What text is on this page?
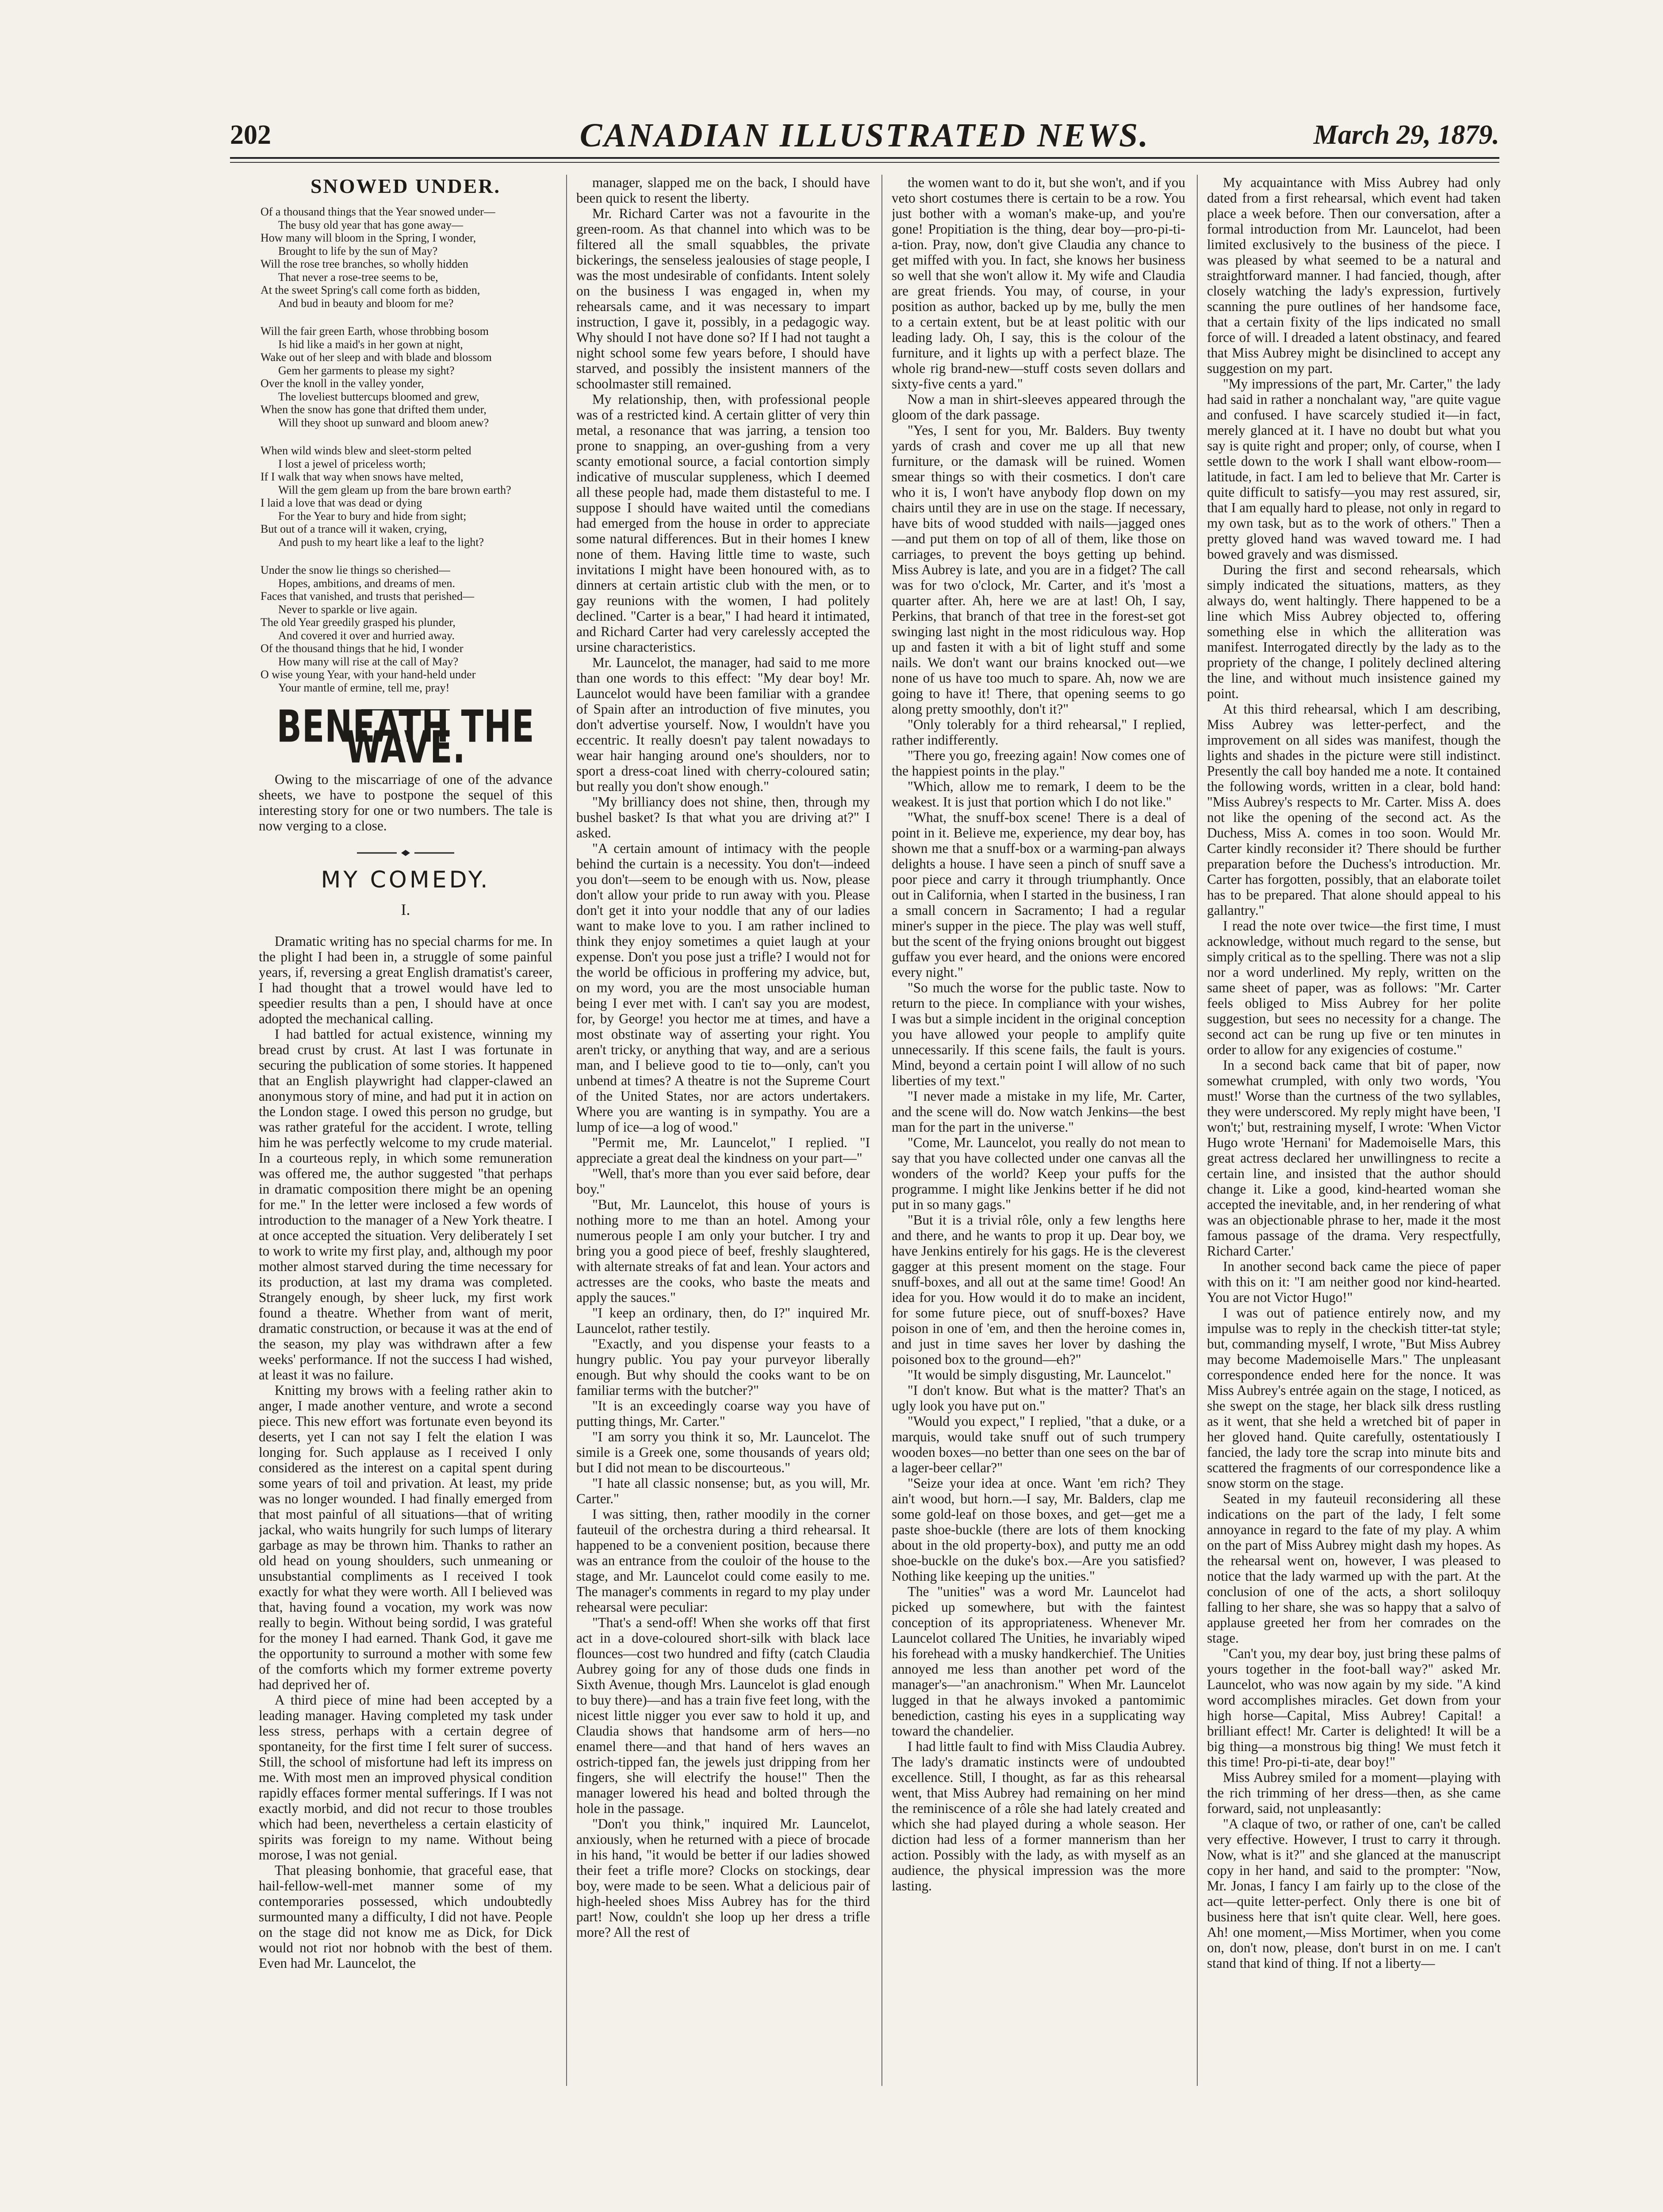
202	CANADIAN ILLUSTRATED NEWS.	March 29, 1879.
SNOWED UNDER.
Of a thousand things that the Year snowed under—
The busy old year that has gone away—
How many will bloom in the Spring, I wonder,
Brought to life by the sun of May?
Will the rose tree branches, so wholly hidden
That never a rose-tree seems to be,
At the sweet Spring's call come forth as bidden,
And bud in beauty and bloom for me?
Will the fair green Earth, whose throbbing bosom
Is hid like a maid's in her gown at night,
Wake out of her sleep and with blade and blossom
Gem her garments to please my sight?
Over the knoll in the valley yonder,
The loveliest buttercups bloomed and grew,
When the snow has gone that drifted them under,
Will they shoot up sunward and bloom anew?
When wild winds blew and sleet-storm pelted
I lost a jewel of priceless worth;
If I walk that way when snows have melted,
Will the gem gleam up from the bare brown earth?
I laid a love that was dead or dying
For the Year to bury and hide from sight;
But out of a trance will it waken, crying,
And push to my heart like a leaf to the light?
Under the snow lie things so cherished—
Hopes, ambitions, and dreams of men.
Faces that vanished, and trusts that perished—
Never to sparkle or live again.
The old Year greedily grasped his plunder,
And covered it over and hurried away.
Of the thousand things that he hid, I wonder
How many will rise at the call of May?
O wise young Year, with your hand-held under
Your mantle of ermine, tell me, pray!
BENEATH THE WAVE.

Owing to the miscarriage of one of the advance sheets, we have to postpone the sequel of this interesting story for one or two numbers. The tale is now verging to a close.

MY COMEDY.
I.

Dramatic writing has no special charms for me. In the plight I had been in, a struggle of some painful years, if, reversing a great English dramatist's career, I had thought that a trowel would have led to speedier results than a pen, I should have at once adopted the mechanical calling.

I had battled for actual existence, winning my bread crust by crust. At last I was fortunate in securing the publication of some stories. It happened that an English playwright had clapper-clawed an anonymous story of mine, and had put it in action on the London stage. I owed this person no grudge, but was rather grateful for the accident. I wrote, telling him he was perfectly welcome to my crude material. In a courteous reply, in which some remuneration was offered me, the author suggested "that perhaps in dramatic composition there might be an opening for me." In the letter were inclosed a few words of introduction to the manager of a New York theatre. I at once accepted the situation. Very deliberately I set to work to write my first play, and, although my poor mother almost starved during the time necessary for its production, at last my drama was completed. Strangely enough, by sheer luck, my first work found a theatre. Whether from want of merit, dramatic construction, or because it was at the end of the season, my play was withdrawn after a few weeks' performance. If not the success I had wished, at least it was no failure.

Knitting my brows with a feeling rather akin to anger, I made another venture, and wrote a second piece. This new effort was fortunate even beyond its deserts, yet I can not say I felt the elation I was longing for. Such applause as I received I only considered as the interest on a capital spent during some years of toil and privation. At least, my pride was no longer wounded. I had finally emerged from that most painful of all situations—that of writing jackal, who waits hungrily for such lumps of literary garbage as may be thrown him. Thanks to rather an old head on young shoulders, such unmeaning or unsubstantial compliments as I received I took exactly for what they were worth. All I believed was that, having found a vocation, my work was now really to begin. Without being sordid, I was grateful for the money I had earned. Thank God, it gave me the opportunity to surround a mother with some few of the comforts which my former extreme poverty had deprived her of.

A third piece of mine had been accepted by a leading manager. Having completed my task under less stress, perhaps with a certain degree of spontaneity, for the first time I felt surer of success. Still, the school of misfortune had left its impress on me. With most men an improved physical condition rapidly effaces former mental sufferings. If I was not exactly morbid, and did not recur to those troubles which had been, nevertheless a certain elasticity of spirits was foreign to my name. Without being morose, I was not genial.

That pleasing bonhomie, that graceful ease, that hail-fellow-well-met manner some of my contemporaries possessed, which undoubtedly surmounted many a difficulty, I did not have. People on the stage did not know me as Dick, for Dick would not riot nor hobnob with the best of them. Even had Mr. Launcelot, the

manager, slapped me on the back, I should have been quick to resent the liberty.

Mr. Richard Carter was not a favourite in the green-room. As that channel into which was to be filtered all the small squabbles, the private bickerings, the senseless jealousies of stage people, I was the most undesirable of confidants. Intent solely on the business I was engaged in, when my rehearsals came, and it was necessary to impart instruction, I gave it, possibly, in a pedagogic way. Why should I not have done so? If I had not taught a night school some few years before, I should have starved, and possibly the insistent manners of the schoolmaster still remained.

My relationship, then, with professional people was of a restricted kind. A certain glitter of very thin metal, a resonance that was jarring, a tension too prone to snapping, an over-gushing from a very scanty emotional source, a facial contortion simply indicative of muscular suppleness, which I deemed all these people had, made them distasteful to me. I suppose I should have waited until the comedians had emerged from the house in order to appreciate some natural differences. But in their homes I knew none of them. Having little time to waste, such invitations I might have been honoured with, as to dinners at certain artistic club with the men, or to gay reunions with the women, I had politely declined. "Carter is a bear," I had heard it intimated, and Richard Carter had very carelessly accepted the ursine characteristics.

Mr. Launcelot, the manager, had said to me more than one words to this effect: "My dear boy! Mr. Launcelot would have been familiar with a grandee of Spain after an introduction of five minutes, you don't advertise yourself. Now, I wouldn't have you eccentric. It really doesn't pay talent nowadays to wear hair hanging around one's shoulders, nor to sport a dress-coat lined with cherry-coloured satin; but really you don't show enough."

"My brilliancy does not shine, then, through my bushel basket? Is that what you are driving at?" I asked.

"A certain amount of intimacy with the people behind the curtain is a necessity. You don't—indeed you don't—seem to be enough with us. Now, please don't allow your pride to run away with you. Please don't get it into your noddle that any of our ladies want to make love to you. I am rather inclined to think they enjoy sometimes a quiet laugh at your expense. Don't you pose just a trifle? I would not for the world be officious in proffering my advice, but, on my word, you are the most unsociable human being I ever met with. I can't say you are modest, for, by George! you hector me at times, and have a most obstinate way of asserting your right. You aren't tricky, or anything that way, and are a serious man, and I believe good to tie to—only, can't you unbend at times? A theatre is not the Supreme Court of the United States, nor are actors undertakers. Where you are wanting is in sympathy. You are a lump of ice—a log of wood."

"Permit me, Mr. Launcelot," I replied. "I appreciate a great deal the kindness on your part—"

"Well, that's more than you ever said before, dear boy."

"But, Mr. Launcelot, this house of yours is nothing more to me than an hotel. Among your numerous people I am only your butcher. I try and bring you a good piece of beef, freshly slaughtered, with alternate streaks of fat and lean. Your actors and actresses are the cooks, who baste the meats and apply the sauces."

"I keep an ordinary, then, do I?" inquired Mr. Launcelot, rather testily.

"Exactly, and you dispense your feasts to a hungry public. You pay your purveyor liberally enough. But why should the cooks want to be on familiar terms with the butcher?"

"It is an exceedingly coarse way you have of putting things, Mr. Carter."

"I am sorry you think it so, Mr. Launcelot. The simile is a Greek one, some thousands of years old; but I did not mean to be discourteous."

"I hate all classic nonsense; but, as you will, Mr. Carter."

I was sitting, then, rather moodily in the corner fauteuil of the orchestra during a third rehearsal. It happened to be a convenient position, because there was an entrance from the couloir of the house to the stage, and Mr. Launcelot could come easily to me. The manager's comments in regard to my play under rehearsal were peculiar:

"That's a send-off! When she works off that first act in a dove-coloured short-silk with black lace flounces—cost two hundred and fifty (catch Claudia Aubrey going for any of those duds one finds in Sixth Avenue, though Mrs. Launcelot is glad enough to buy there)—and has a train five feet long, with the nicest little nigger you ever saw to hold it up, and Claudia shows that handsome arm of hers—no enamel there—and that hand of hers waves an ostrich-tipped fan, the jewels just dripping from her fingers, she will electrify the house!" Then the manager lowered his head and bolted through the hole in the passage.

"Don't you think," inquired Mr. Launcelot, anxiously, when he returned with a piece of brocade in his hand, "it would be better if our ladies showed their feet a trifle more? Clocks on stockings, dear boy, were made to be seen. What a delicious pair of high-heeled shoes Miss Aubrey has for the third part! Now, couldn't she loop up her dress a trifle more? All the rest of

the women want to do it, but she won't, and if you veto short costumes there is certain to be a row. You just bother with a woman's make-up, and you're gone! Propitiation is the thing, dear boy—pro-pi-ti-a-tion. Pray, now, don't give Claudia any chance to get miffed with you. In fact, she knows her business so well that she won't allow it. My wife and Claudia are great friends. You may, of course, in your position as author, backed up by me, bully the men to a certain extent, but be at least politic with our leading lady. Oh, I say, this is the colour of the furniture, and it lights up with a perfect blaze. The whole rig brand-new—stuff costs seven dollars and sixty-five cents a yard."

Now a man in shirt-sleeves appeared through the gloom of the dark passage.

"Yes, I sent for you, Mr. Balders. Buy twenty yards of crash and cover me up all that new furniture, or the damask will be ruined. Women smear things so with their cosmetics. I don't care who it is, I won't have anybody flop down on my chairs until they are in use on the stage. If necessary, have bits of wood studded with nails—jagged ones—and put them on top of all of them, like those on carriages, to prevent the boys getting up behind. Miss Aubrey is late, and you are in a fidget? The call was for two o'clock, Mr. Carter, and it's 'most a quarter after. Ah, here we are at last! Oh, I say, Perkins, that branch of that tree in the forest-set got swinging last night in the most ridiculous way. Hop up and fasten it with a bit of light stuff and some nails. We don't want our brains knocked out—we none of us have too much to spare. Ah, now we are going to have it! There, that opening seems to go along pretty smoothly, don't it?"

"Only tolerably for a third rehearsal," I replied, rather indifferently.

"There you go, freezing again! Now comes one of the happiest points in the play."

"Which, allow me to remark, I deem to be the weakest. It is just that portion which I do not like."

"What, the snuff-box scene! There is a deal of point in it. Believe me, experience, my dear boy, has shown me that a snuff-box or a warming-pan always delights a house. I have seen a pinch of snuff save a poor piece and carry it through triumphantly. Once out in California, when I started in the business, I ran a small concern in Sacramento; I had a regular miner's supper in the piece. The play was well stuff, but the scent of the frying onions brought out biggest guffaw you ever heard, and the onions were encored every night."

"So much the worse for the public taste. Now to return to the piece. In compliance with your wishes, I was but a simple incident in the original conception you have allowed your people to amplify quite unnecessarily. If this scene fails, the fault is yours. Mind, beyond a certain point I will allow of no such liberties of my text."

"I never made a mistake in my life, Mr. Carter, and the scene will do. Now watch Jenkins—the best man for the part in the universe."

"Come, Mr. Launcelot, you really do not mean to say that you have collected under one canvas all the wonders of the world? Keep your puffs for the programme. I might like Jenkins better if he did not put in so many gags."

"But it is a trivial rôle, only a few lengths here and there, and he wants to prop it up. Dear boy, we have Jenkins entirely for his gags. He is the cleverest gagger at this present moment on the stage. Four snuff-boxes, and all out at the same time! Good! An idea for you. How would it do to make an incident, for some future piece, out of snuff-boxes? Have poison in one of 'em, and then the heroine comes in, and just in time saves her lover by dashing the poisoned box to the ground—eh?"

"It would be simply disgusting, Mr. Launcelot."

"I don't know. But what is the matter? That's an ugly look you have put on."

"Would you expect," I replied, "that a duke, or a marquis, would take snuff out of such trumpery wooden boxes—no better than one sees on the bar of a lager-beer cellar?"

"Seize your idea at once. Want 'em rich? They ain't wood, but horn.—I say, Mr. Balders, clap me some gold-leaf on those boxes, and get—get me a paste shoe-buckle (there are lots of them knocking about in the old property-box), and putty me an odd shoe-buckle on the duke's box.—Are you satisfied? Nothing like keeping up the unities."

The "unities" was a word Mr. Launcelot had picked up somewhere, but with the faintest conception of its appropriateness. Whenever Mr. Launcelot collared The Unities, he invariably wiped his forehead with a musky handkerchief. The Unities annoyed me less than another pet word of the manager's—"an anachronism." When Mr. Launcelot lugged in that he always invoked a pantomimic benediction, casting his eyes in a supplicating way toward the chandelier.

I had little fault to find with Miss Claudia Aubrey. The lady's dramatic instincts were of undoubted excellence. Still, I thought, as far as this rehearsal went, that Miss Aubrey had remaining on her mind the reminiscence of a rôle she had lately created and which she had played during a whole season. Her diction had less of a former mannerism than her action. Possibly with the lady, as with myself as an audience, the physical impression was the more lasting.

My acquaintance with Miss Aubrey had only dated from a first rehearsal, which event had taken place a week before. Then our conversation, after a formal introduction from Mr. Launcelot, had been limited exclusively to the business of the piece. I was pleased by what seemed to be a natural and straightforward manner. I had fancied, though, after closely watching the lady's expression, furtively scanning the pure outlines of her handsome face, that a certain fixity of the lips indicated no small force of will. I dreaded a latent obstinacy, and feared that Miss Aubrey might be disinclined to accept any suggestion on my part.

"My impressions of the part, Mr. Carter," the lady had said in rather a nonchalant way, "are quite vague and confused. I have scarcely studied it—in fact, merely glanced at it. I have no doubt but what you say is quite right and proper; only, of course, when I settle down to the work I shall want elbow-room—latitude, in fact. I am led to believe that Mr. Carter is quite difficult to satisfy—you may rest assured, sir, that I am equally hard to please, not only in regard to my own task, but as to the work of others." Then a pretty gloved hand was waved toward me. I had bowed gravely and was dismissed.

During the first and second rehearsals, which simply indicated the situations, matters, as they always do, went haltingly. There happened to be a line which Miss Aubrey objected to, offering something else in which the alliteration was manifest. Interrogated directly by the lady as to the propriety of the change, I politely declined altering the line, and without much insistence gained my point.

At this third rehearsal, which I am describing, Miss Aubrey was letter-perfect, and the improvement on all sides was manifest, though the lights and shades in the picture were still indistinct. Presently the call boy handed me a note. It contained the following words, written in a clear, bold hand: "Miss Aubrey's respects to Mr. Carter. Miss A. does not like the opening of the second act. As the Duchess, Miss A. comes in too soon. Would Mr. Carter kindly reconsider it? There should be further preparation before the Duchess's introduction. Mr. Carter has forgotten, possibly, that an elaborate toilet has to be prepared. That alone should appeal to his gallantry."

I read the note over twice—the first time, I must acknowledge, without much regard to the sense, but simply critical as to the spelling. There was not a slip nor a word underlined. My reply, written on the same sheet of paper, was as follows: "Mr. Carter feels obliged to Miss Aubrey for her polite suggestion, but sees no necessity for a change. The second act can be rung up five or ten minutes in order to allow for any exigencies of costume."

In a second back came that bit of paper, now somewhat crumpled, with only two words, 'You must!' Worse than the curtness of the two syllables, they were underscored. My reply might have been, 'I won't;' but, restraining myself, I wrote: 'When Victor Hugo wrote 'Hernani' for Mademoiselle Mars, this great actress declared her unwillingness to recite a certain line, and insisted that the author should change it. Like a good, kind-hearted woman she accepted the inevitable, and, in her rendering of what was an objectionable phrase to her, made it the most famous passage of the drama. Very respectfully, Richard Carter.'

In another second back came the piece of paper with this on it: "I am neither good nor kind-hearted. You are not Victor Hugo!"

I was out of patience entirely now, and my impulse was to reply in the checkish titter-tat style; but, commanding myself, I wrote, "But Miss Aubrey may become Mademoiselle Mars." The unpleasant correspondence ended here for the nonce. It was Miss Aubrey's entrée again on the stage, I noticed, as she swept on the stage, her black silk dress rustling as it went, that she held a wretched bit of paper in her gloved hand. Quite carefully, ostentatiously I fancied, the lady tore the scrap into minute bits and scattered the fragments of our correspondence like a snow storm on the stage.

Seated in my fauteuil reconsidering all these indications on the part of the lady, I felt some annoyance in regard to the fate of my play. A whim on the part of Miss Aubrey might dash my hopes. As the rehearsal went on, however, I was pleased to notice that the lady warmed up with the part. At the conclusion of one of the acts, a short soliloquy falling to her share, she was so happy that a salvo of applause greeted her from her comrades on the stage.

"Can't you, my dear boy, just bring these palms of yours together in the foot-ball way?" asked Mr. Launcelot, who was now again by my side. "A kind word accomplishes miracles. Get down from your high horse—Capital, Miss Aubrey! Capital! a brilliant effect! Mr. Carter is delighted! It will be a big thing—a monstrous big thing! We must fetch it this time! Pro-pi-ti-ate, dear boy!"

Miss Aubrey smiled for a moment—playing with the rich trimming of her dress—then, as she came forward, said, not unpleasantly:

"A claque of two, or rather of one, can't be called very effective. However, I trust to carry it through. Now, what is it?" and she glanced at the manuscript copy in her hand, and said to the prompter: "Now, Mr. Jonas, I fancy I am fairly up to the close of the act—quite letter-perfect. Only there is one bit of business here that isn't quite clear. Well, here goes. Ah! one moment,—Miss Mortimer, when you come on, don't now, please, don't burst in on me. I can't stand that kind of thing. If not a liberty—
